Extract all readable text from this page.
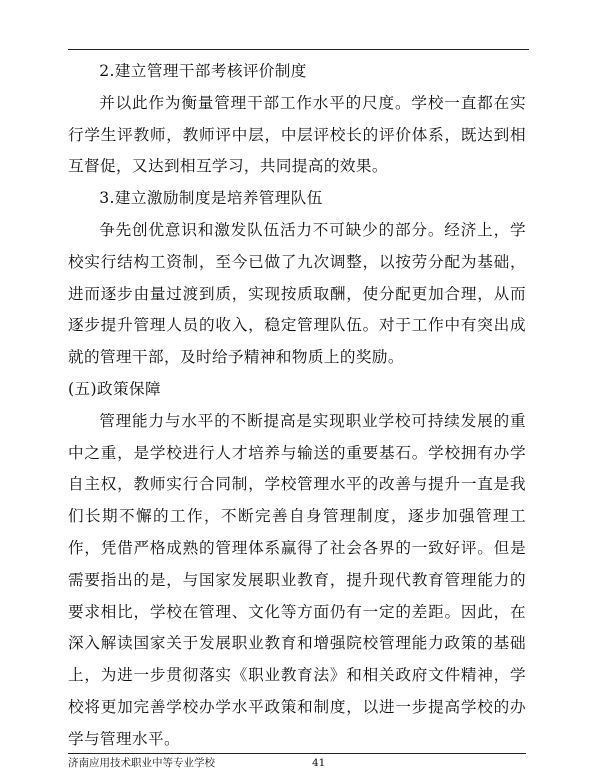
2.建立管理干部考核评价制度

并以此作为衡量管理干部工作水平的尺度。学校一直都在实行学生评教师，教师评中层，中层评校长的评价体系，既达到相互督促，又达到相互学习，共同提高的效果。

3.建立激励制度是培养管理队伍

争先创优意识和激发队伍活力不可缺少的部分。经济上，学校实行结构工资制，至今已做了九次调整，以按劳分配为基础，进而逐步由量过渡到质，实现按质取酬，使分配更加合理，从而逐步提升管理人员的收入，稳定管理队伍。对于工作中有突出成就的管理干部，及时给予精神和物质上的奖励。

(五)政策保障

管理能力与水平的不断提高是实现职业学校可持续发展的重中之重，是学校进行人才培养与输送的重要基石。学校拥有办学自主权，教师实行合同制，学校管理水平的改善与提升一直是我们长期不懈的工作，不断完善自身管理制度，逐步加强管理工作，凭借严格成熟的管理体系赢得了社会各界的一致好评。但是需要指出的是，与国家发展职业教育，提升现代教育管理能力的要求相比，学校在管理、文化等方面仍有一定的差距。因此，在深入解读国家关于发展职业教育和增强院校管理能力政策的基础上，为进一步贯彻落实《职业教育法》和相关政府文件精神，学校将更加完善学校办学水平政策和制度，以进一步提高学校的办学与管理水平。

济南应用技术职业中等专业学校	41
